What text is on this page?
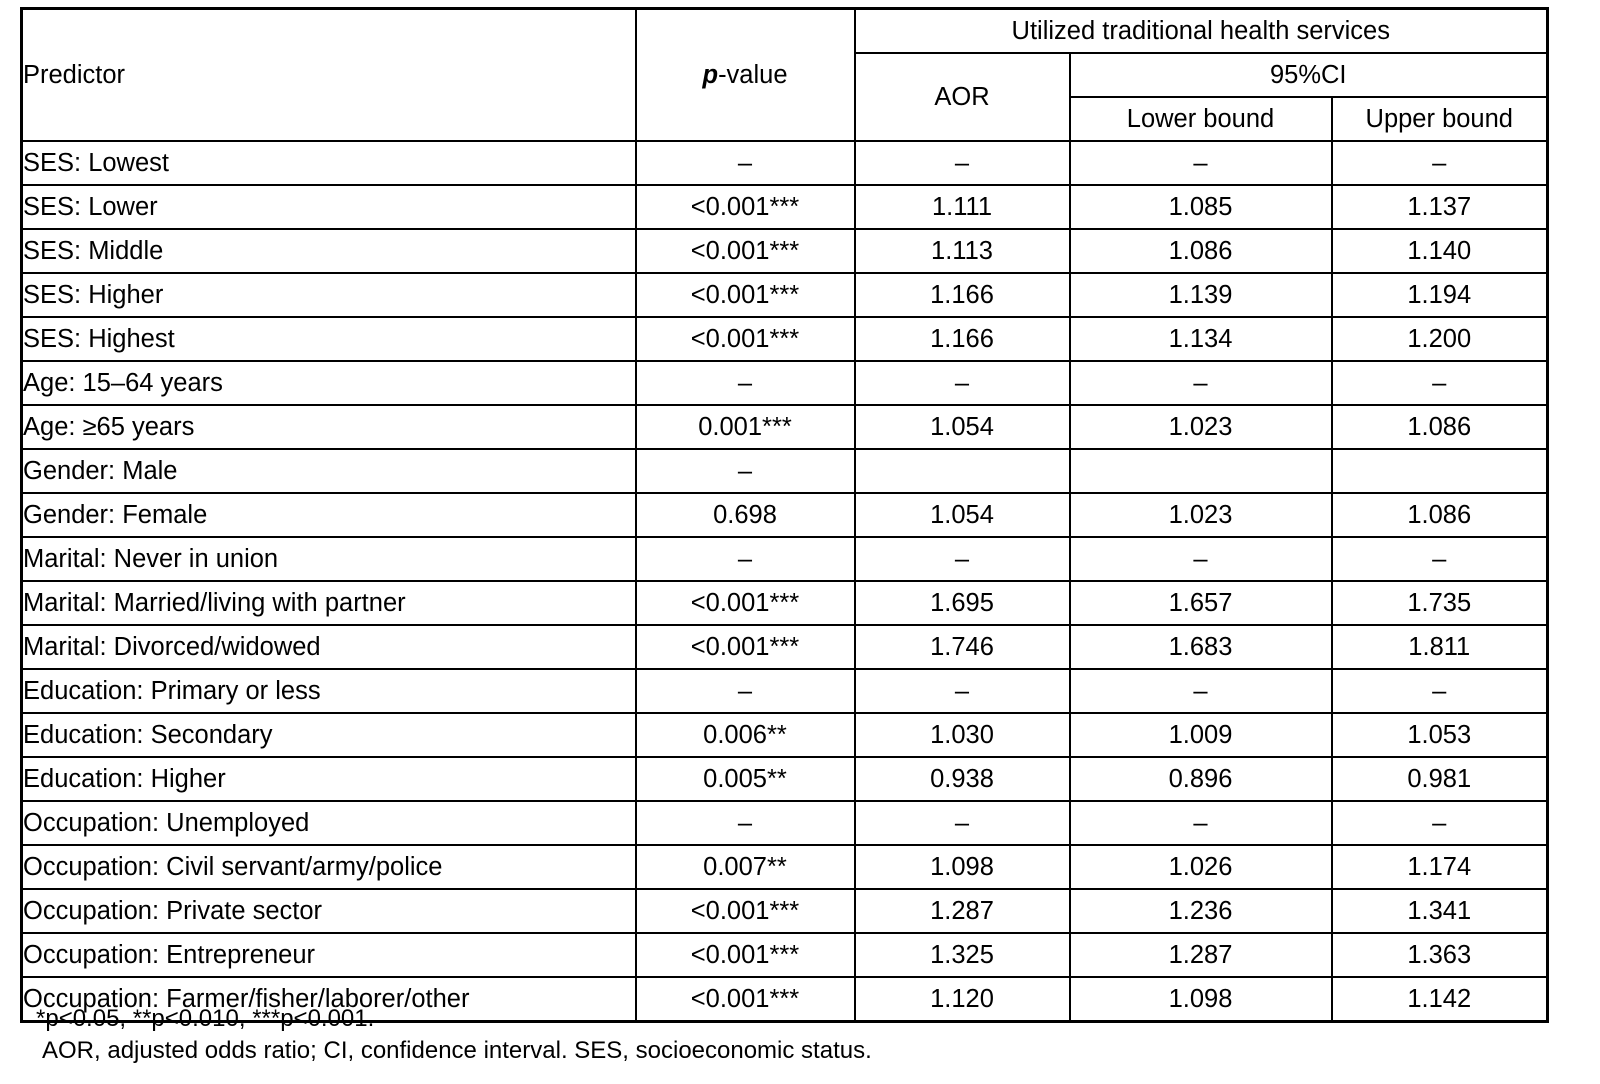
Predictor	p-value	Utilized traditional health services		
		AOR	95%CI	
			Lower bound	Upper bound
SES: Lowest	–	–	–	–
SES: Lower	<0.001***	1.111	1.085	1.137
SES: Middle	<0.001***	1.113	1.086	1.140
SES: Higher	<0.001***	1.166	1.139	1.194
SES: Highest	<0.001***	1.166	1.134	1.200
Age: 15–64 years	–	–	–	–
Age: ≥65 years	0.001***	1.054	1.023	1.086
Gender: Male	–			
Gender: Female	0.698	1.054	1.023	1.086
Marital: Never in union	–	–	–	–
Marital: Married/living with partner	<0.001***	1.695	1.657	1.735
Marital: Divorced/widowed	<0.001***	1.746	1.683	1.811
Education: Primary or less	–	–	–	–
Education: Secondary	0.006**	1.030	1.009	1.053
Education: Higher	0.005**	0.938	0.896	0.981
Occupation: Unemployed	–	–	–	–
Occupation: Civil servant/army/police	0.007**	1.098	1.026	1.174
Occupation: Private sector	<0.001***	1.287	1.236	1.341
Occupation: Entrepreneur	<0.001***	1.325	1.287	1.363
Occupation: Farmer/fisher/laborer/other	<0.001***	1.120	1.098	1.142
*p<0.05, **p<0.010, ***p<0.001.
AOR, adjusted odds ratio; CI, confidence interval. SES, socioeconomic status.
